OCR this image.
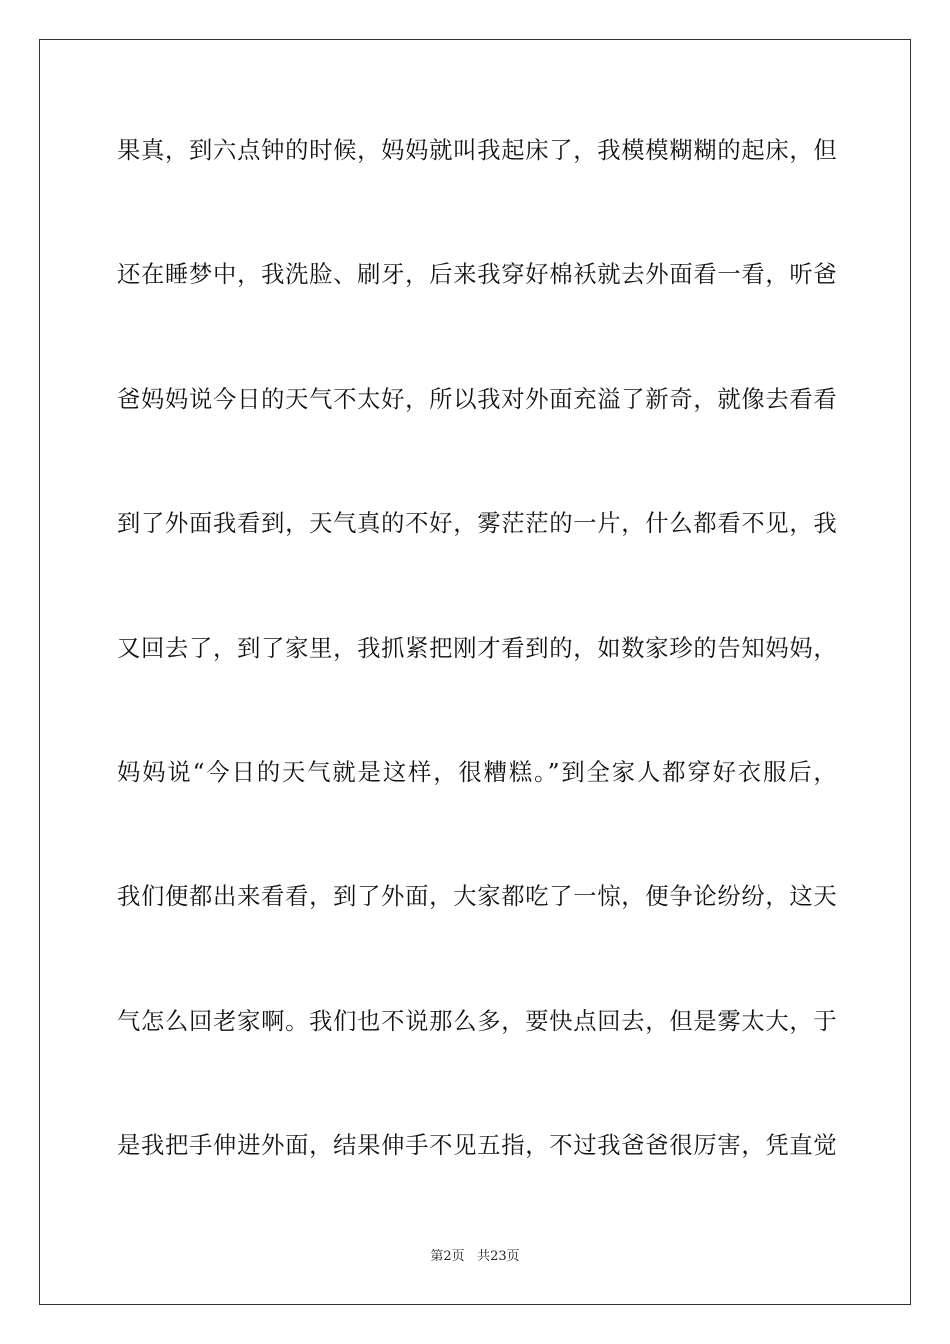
果真，到六点钟的时候，妈妈就叫我起床了，我模模糊糊的起床，但
还在睡梦中，我洗脸、刷牙，后来我穿好棉袄就去外面看一看，听爸
爸妈妈说今日的天气不太好，所以我对外面充溢了新奇，就像去看看
到了外面我看到，天气真的不好，雾茫茫的一片，什么都看不见，我
又回去了，到了家里，我抓紧把刚才看到的，如数家珍的告知妈妈，
妈妈说“今日的天气就是这样，很糟糕。”到全家人都穿好衣服后，
我们便都出来看看，到了外面，大家都吃了一惊，便争论纷纷，这天
气怎么回老家啊。我们也不说那么多，要快点回去，但是雾太大，于
是我把手伸进外面，结果伸手不见五指，不过我爸爸很厉害，凭直觉
第2页 共23页
